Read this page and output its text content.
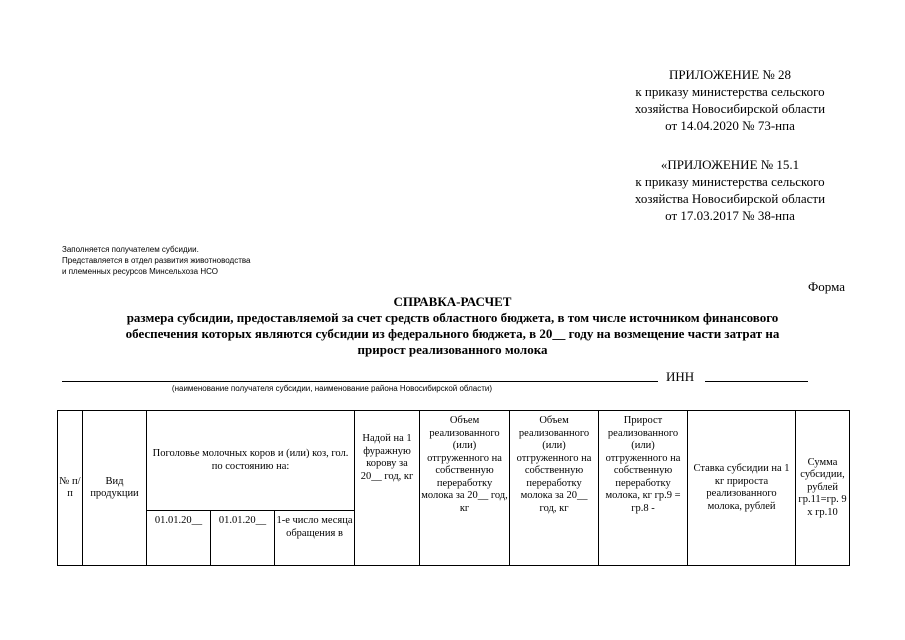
ПРИЛОЖЕНИЕ № 28
к приказу министерства сельского
хозяйства Новосибирской области
от 14.04.2020 № 73-нпа
«ПРИЛОЖЕНИЕ № 15.1
к приказу министерства сельского
хозяйства Новосибирской области
от 17.03.2017 № 38-нпа
Заполняется получателем субсидии.
Представляется в отдел развития животноводства
и племенных ресурсов Минсельхоза НСО
Форма
СПРАВКА-РАСЧЕТ
размера субсидии, предоставляемой за счет средств областного бюджета, в том числе источником финансового
обеспечения которых являются субсидии из федерального бюджета, в 20__ году на возмещение части затрат на
прирост реализованного молока
ИНН
(наименование получателя субсидии, наименование района Новосибирской области)
№ п/п	Вид продукции	Поголовье молочных коров и (или) коз, гол. по состоянию на:			Надой на 1 фуражную корову за 20__ год, кг	Объем реализованного (или) отгруженного на собственную переработку молока за 20__ год, кг	Объем реализованного (или) отгруженного на собственную переработку молока за 20__ год, кг	Прирост реализованного (или) отгруженного на собственную переработку молока, кг гр.9 = гр.8 -	Ставка субсидии на 1 кг прироста реализованного молока, рублей	Сумма субсидии, рублей гр.11=гр. 9 х гр.10
		01.01.20__	01.01.20__	1-е число месяца обращения в						
